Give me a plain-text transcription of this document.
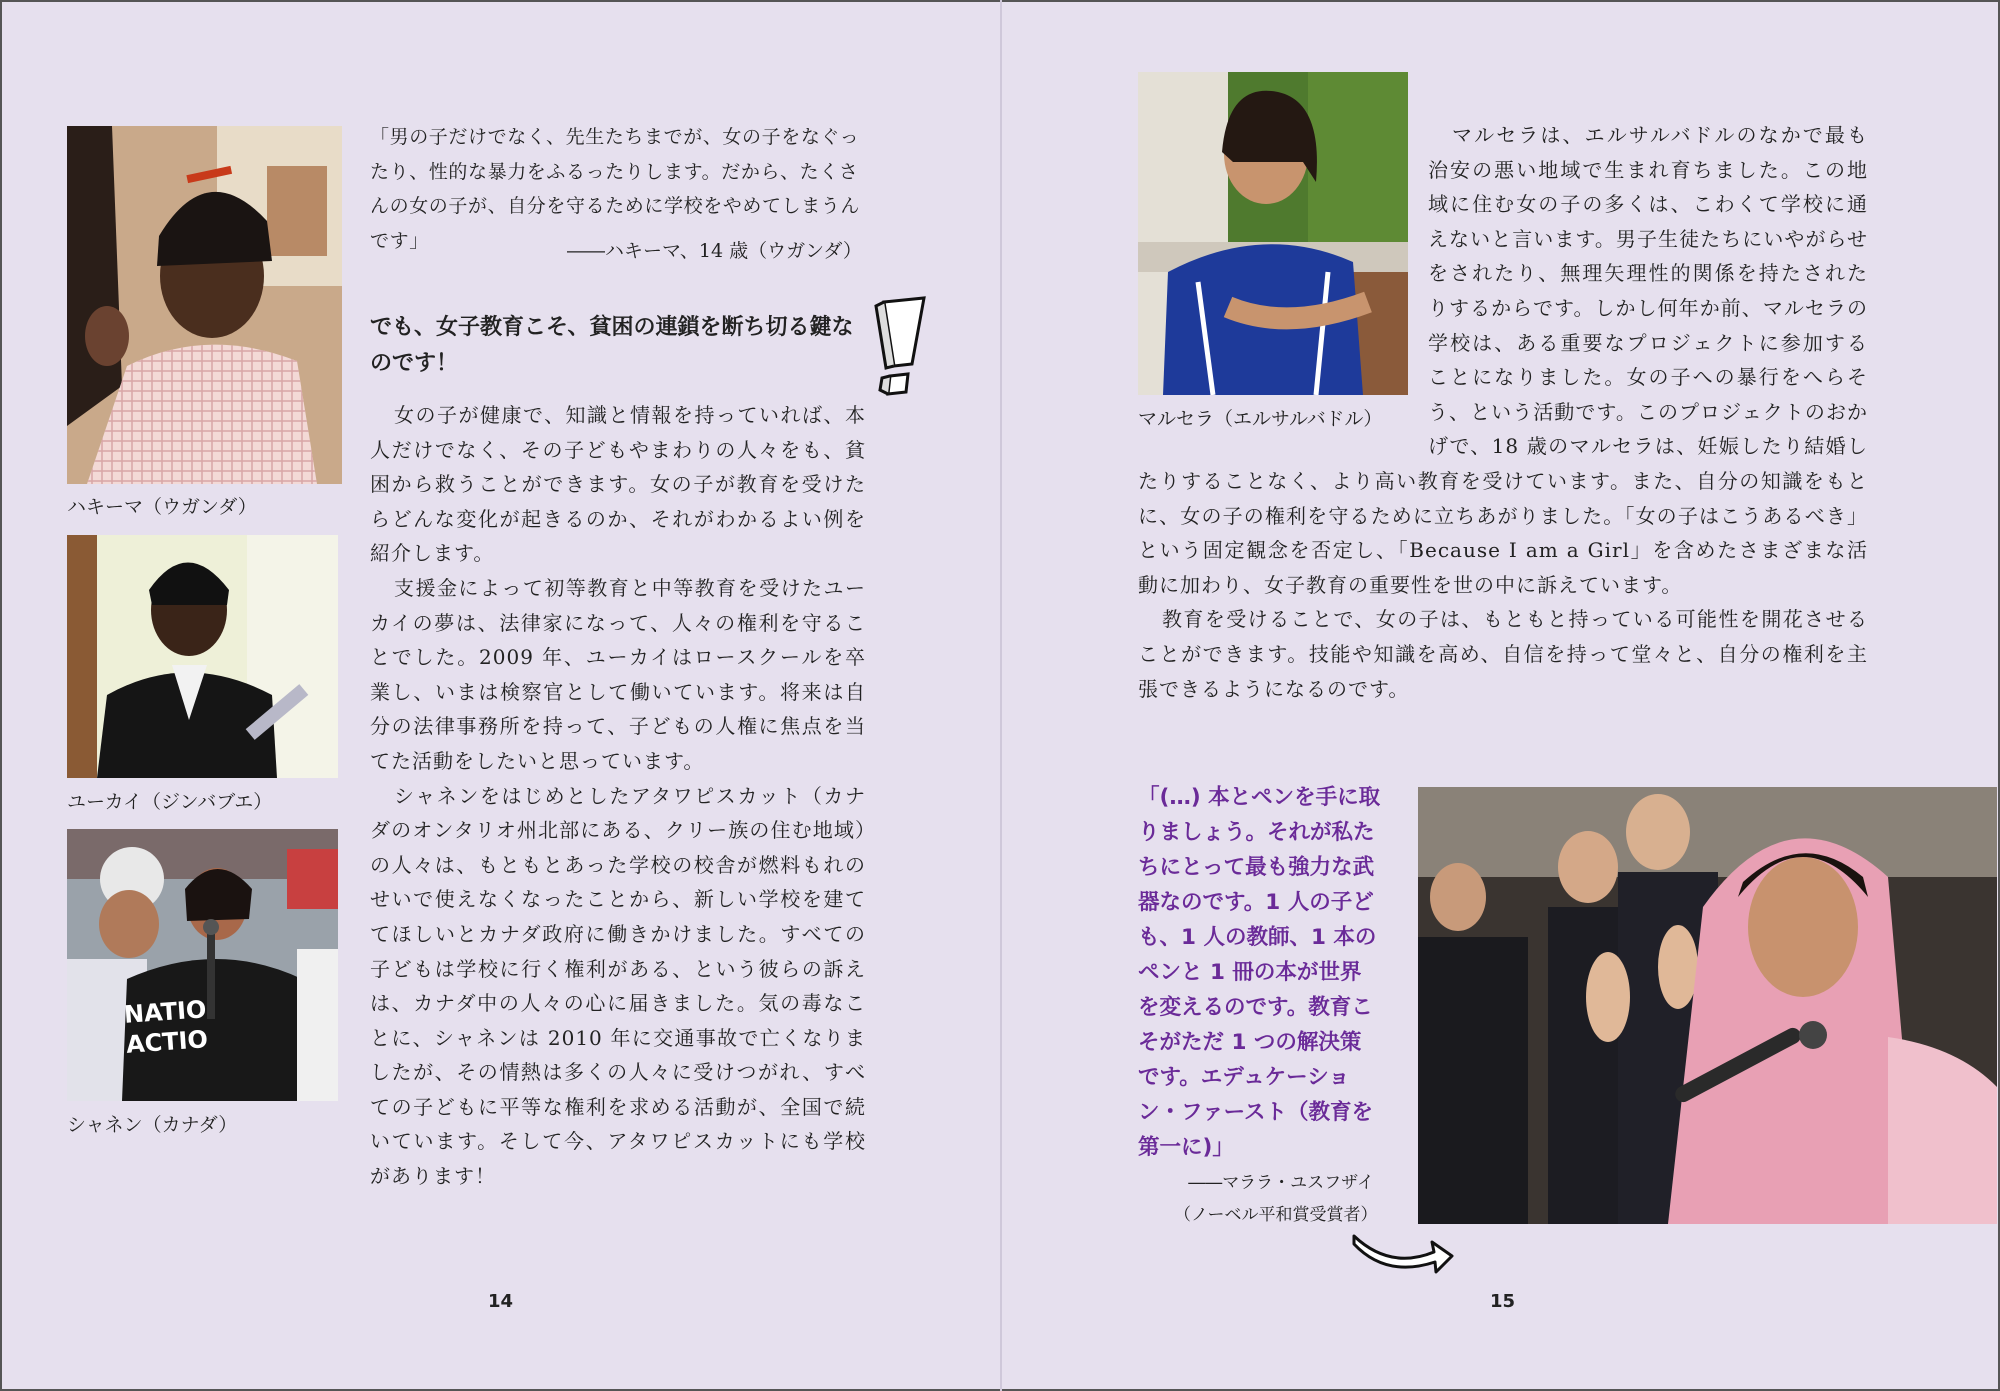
ハキーマ（ウガンダ）
ユーカイ（ジンバブエ）
NATIO
ACTIO
シャネン（カナダ）
「男の子だけでなく、先生たちまでが、女の子をなぐったり、性的な暴力をふるったりします。だから、たくさんの女の子が、自分を守るために学校をやめてしまうんです」	――ハキーマ、14 歳（ウガンダ）
でも、女子教育こそ、貧困の連鎖を断ち切る鍵なのです！

女の子が健康で、知識と情報を持っていれば、本人だけでなく、その子どもやまわりの人々をも、貧困から救うことができます。女の子が教育を受けたらどんな変化が起きるのか、それがわかるよい例を紹介します。

支援金によって初等教育と中等教育を受けたユーカイの夢は、法律家になって、人々の権利を守ることでした。2009 年、ユーカイはロースクールを卒業し、いまは検察官として働いています。将来は自分の法律事務所を持って、子どもの人権に焦点を当てた活動をしたいと思っています。

シャネンをはじめとしたアタワピスカット（カナダのオンタリオ州北部にある、クリー族の住む地域）の人々は、もともとあった学校の校舎が燃料もれのせいで使えなくなったことから、新しい学校を建ててほしいとカナダ政府に働きかけました。すべての子どもは学校に行く権利がある、という彼らの訴えは、カナダ中の人々の心に届きました。気の毒なことに、シャネンは 2010 年に交通事故で亡くなりましたが、その情熱は多くの人々に受けつがれ、すべての子どもに平等な権利を求める活動が、全国で続いています。そして今、アタワピスカットにも学校があります！

14
マルセラ（エルサルバドル）

マルセラは、エルサルバドルのなかで最も治安の悪い地域で生まれ育ちました。この地域に住む女の子の多くは、こわくて学校に通えないと言います。男子生徒たちにいやがらせをされたり、無理矢理性的関係を持たされたりするからです。しかし何年か前、マルセラの学校は、ある重要なプロジェクトに参加することになりました。女の子への暴行をへらそう、という活動です。このプロジェクトのおかげで、18 歳のマルセラは、妊娠したり結婚したりすることなく、より高い教育を受けています。また、自分の知識をもとに、女の子の権利を守るために立ちあがりました。「女の子はこうあるべき」という固定観念を否定し、「Because I am a Girl」を含めたさまざまな活動に加わり、女子教育の重要性を世の中に訴えています。

教育を受けることで、女の子は、もともと持っている可能性を開花させることができます。技能や知識を高め、自信を持って堂々と、自分の権利を主張できるようになるのです。

「(…) 本とペンを手に取りましょう。それが私たちにとって最も強力な武器なのです。1 人の子ども、1 人の教師、1 本のペンと 1 冊の本が世界を変えるのです。教育こそがただ 1 つの解決策です。エデュケーション・ファースト（教育を第一に)」
――マララ・ユスフザイ
（ノーベル平和賞受賞者）
15
